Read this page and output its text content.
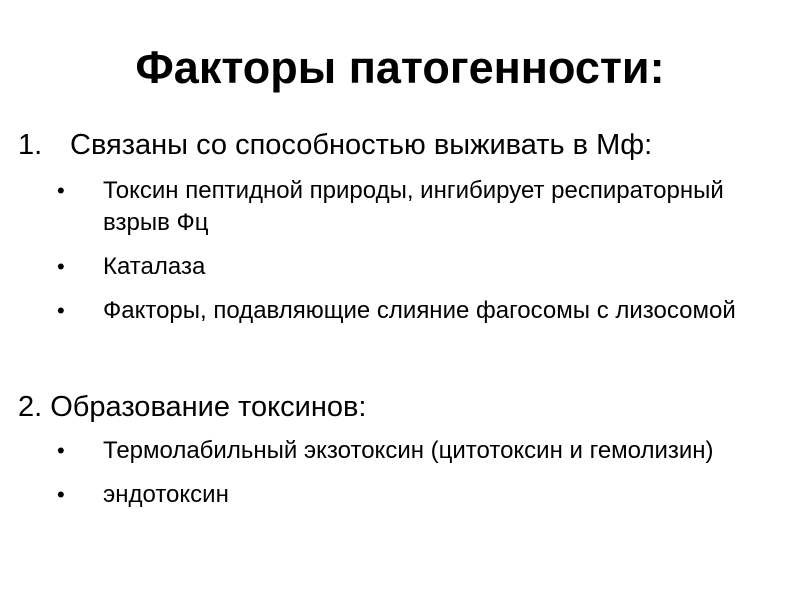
Факторы патогенности:
1. Связаны со способностью выживать в Мф:
•	Токсин пептидной природы, ингибирует респираторный взрыв Фц
•	Каталаза
•	Факторы, подавляющие слияние фагосомы с лизосомой
2. Образование токсинов:
•	Термолабильный экзотоксин (цитотоксин и гемолизин)
•	эндотоксин
